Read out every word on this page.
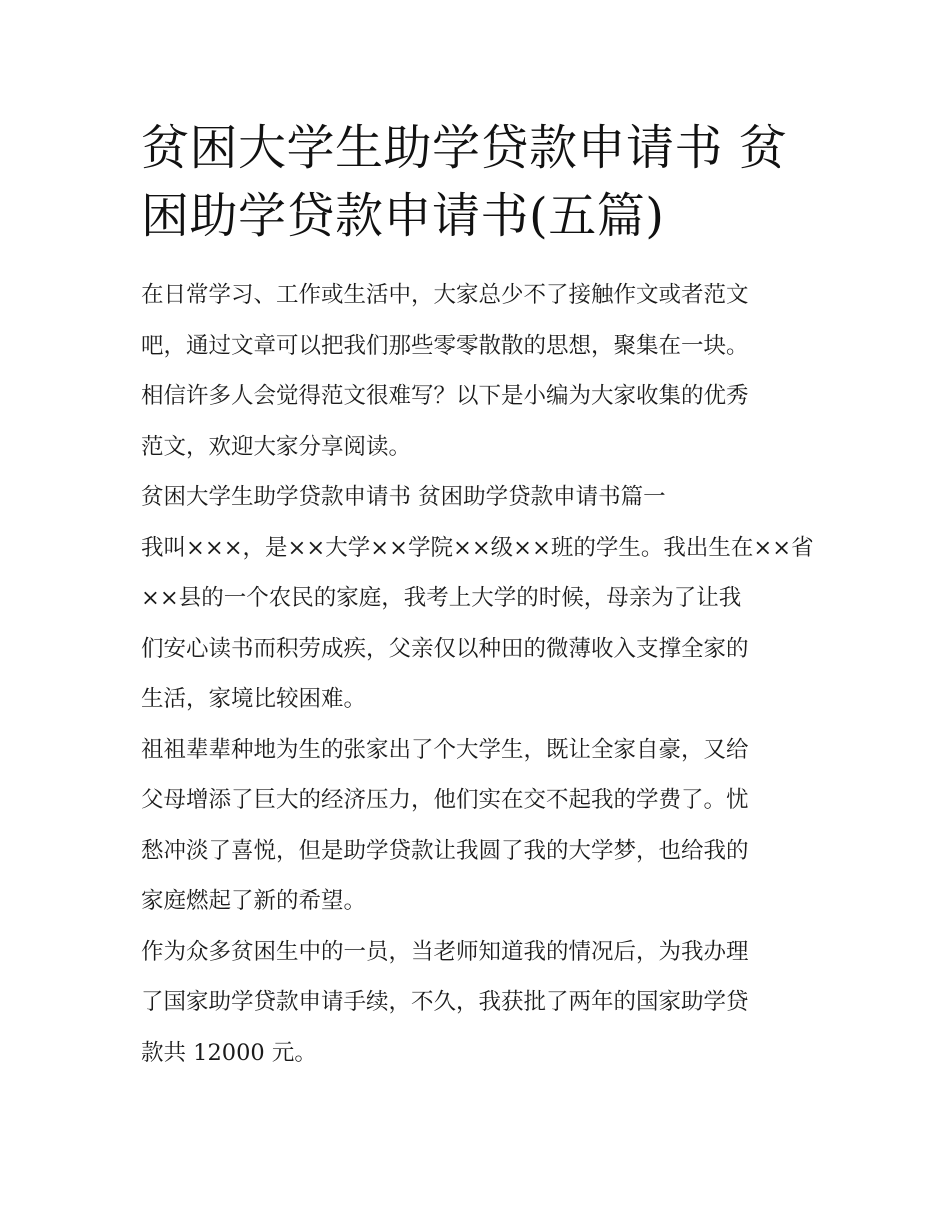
贫困大学生助学贷款申请书 贫
困助学贷款申请书(五篇)

在日常学习、工作或生活中，大家总少不了接触作文或者范文
吧，通过文章可以把我们那些零零散散的思想，聚集在一块。
相信许多人会觉得范文很难写？以下是小编为大家收集的优秀
范文，欢迎大家分享阅读。

贫困大学生助学贷款申请书 贫困助学贷款申请书篇一

我叫×××，是××大学××学院××级××班的学生。我出生在××省
××县的一个农民的家庭，我考上大学的时候，母亲为了让我
们安心读书而积劳成疾，父亲仅以种田的微薄收入支撑全家的
生活，家境比较困难。

祖祖辈辈种地为生的张家出了个大学生，既让全家自豪，又给
父母增添了巨大的经济压力，他们实在交不起我的学费了。忧
愁冲淡了喜悦，但是助学贷款让我圆了我的大学梦，也给我的
家庭燃起了新的希望。

作为众多贫困生中的一员，当老师知道我的情况后，为我办理
了国家助学贷款申请手续，不久，我获批了两年的国家助学贷
款共 12000 元。
